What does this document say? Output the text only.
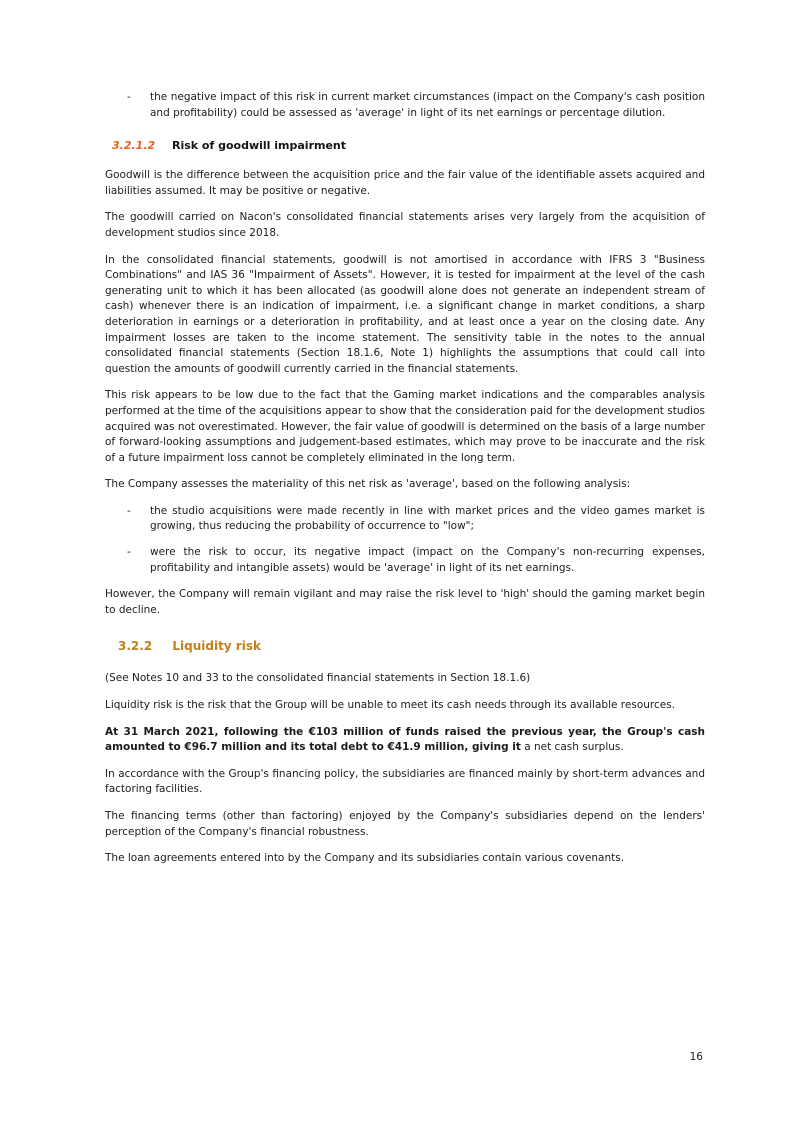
-	the negative impact of this risk in current market circumstances (impact on the Company's cash position and profitability) could be assessed as 'average' in light of its net earnings or percentage dilution.
3.2.1.2 Risk of goodwill impairment

Goodwill is the difference between the acquisition price and the fair value of the identifiable assets acquired and liabilities assumed. It may be positive or negative.

The goodwill carried on Nacon's consolidated financial statements arises very largely from the acquisition of development studios since 2018.

In the consolidated financial statements, goodwill is not amortised in accordance with IFRS 3 "Business Combinations" and IAS 36 "Impairment of Assets". However, it is tested for impairment at the level of the cash generating unit to which it has been allocated (as goodwill alone does not generate an independent stream of cash) whenever there is an indication of impairment, i.e. a significant change in market conditions, a sharp deterioration in earnings or a deterioration in profitability, and at least once a year on the closing date. Any impairment losses are taken to the income statement. The sensitivity table in the notes to the annual consolidated financial statements (Section 18.1.6, Note 1) highlights the assumptions that could call into question the amounts of goodwill currently carried in the financial statements.

This risk appears to be low due to the fact that the Gaming market indications and the comparables analysis performed at the time of the acquisitions appear to show that the consideration paid for the development studios acquired was not overestimated. However, the fair value of goodwill is determined on the basis of a large number of forward-looking assumptions and judgement-based estimates, which may prove to be inaccurate and the risk of a future impairment loss cannot be completely eliminated in the long term.

The Company assesses the materiality of this net risk as 'average', based on the following analysis:

-	the studio acquisitions were made recently in line with market prices and the video games market is growing, thus reducing the probability of occurrence to "low";
-	were the risk to occur, its negative impact (impact on the Company's non-recurring expenses, profitability and intangible assets) would be 'average' in light of its net earnings.

However, the Company will remain vigilant and may raise the risk level to 'high' should the gaming market begin to decline.

3.2.2 Liquidity risk

(See Notes 10 and 33 to the consolidated financial statements in Section 18.1.6)

Liquidity risk is the risk that the Group will be unable to meet its cash needs through its available resources.

At 31 March 2021, following the €103 million of funds raised the previous year, the Group's cash amounted to €96.7 million and its total debt to €41.9 million, giving it a net cash surplus.

In accordance with the Group's financing policy, the subsidiaries are financed mainly by short-term advances and factoring facilities.

The financing terms (other than factoring) enjoyed by the Company's subsidiaries depend on the lenders' perception of the Company's financial robustness.

The loan agreements entered into by the Company and its subsidiaries contain various covenants.

16
